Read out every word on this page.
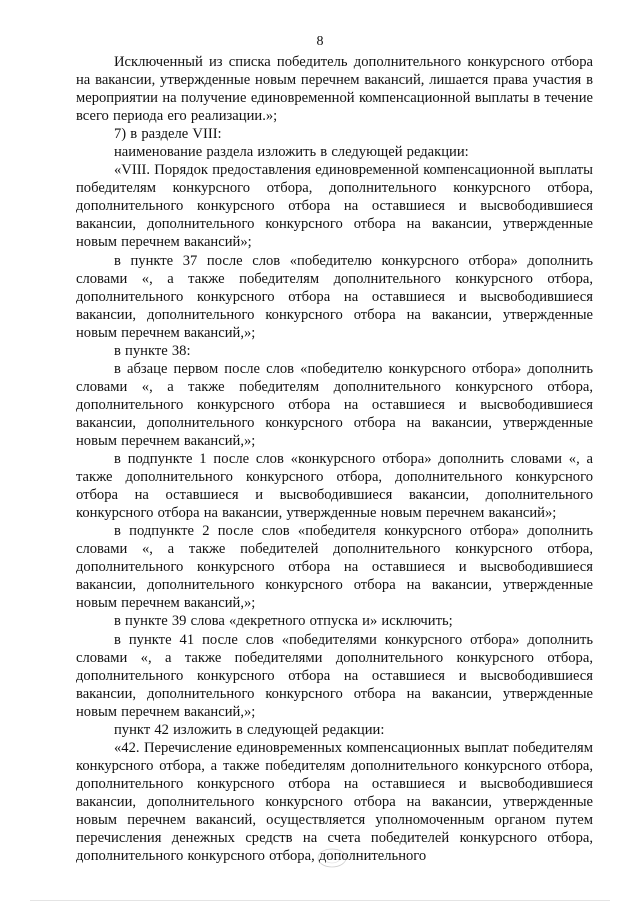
8

Исключенный из списка победитель дополнительного конкурсного отбора на вакансии, утвержденные новым перечнем вакансий, лишается права участия в мероприятии на получение единовременной компенсационной выплаты в течение всего периода его реализации.»;

7) в разделе VIII:

наименование раздела изложить в следующей редакции:

«VIII. Порядок предоставления единовременной компенсационной выплаты победителям конкурсного отбора, дополнительного конкурсного отбора, дополнительного конкурсного отбора на оставшиеся и высвободившиеся вакансии, дополнительного конкурсного отбора на вакансии, утвержденные новым перечнем вакансий»;

в пункте 37 после слов «победителю конкурсного отбора» дополнить словами «, а также победителям дополнительного конкурсного отбора, дополнительного конкурсного отбора на оставшиеся и высвободившиеся вакансии, дополнительного конкурсного отбора на вакансии, утвержденные новым перечнем вакансий,»;

в пункте 38:

в абзаце первом после слов «победителю конкурсного отбора» дополнить словами «, а также победителям дополнительного конкурсного отбора, дополнительного конкурсного отбора на оставшиеся и высвободившиеся вакансии, дополнительного конкурсного отбора на вакансии, утвержденные новым перечнем вакансий,»;

в подпункте 1 после слов «конкурсного отбора» дополнить словами «, а также дополнительного конкурсного отбора, дополнительного конкурсного отбора на оставшиеся и высвободившиеся вакансии, дополнительного конкурсного отбора на вакансии, утвержденные новым перечнем вакансий»;

в подпункте 2 после слов «победителя конкурсного отбора» дополнить словами «, а также победителей дополнительного конкурсного отбора, дополнительного конкурсного отбора на оставшиеся и высвободившиеся вакансии, дополнительного конкурсного отбора на вакансии, утвержденные новым перечнем вакансий,»;

в пункте 39 слова «декретного отпуска и» исключить;

в пункте 41 после слов «победителями конкурсного отбора» дополнить словами «, а также победителями дополнительного конкурсного отбора, дополнительного конкурсного отбора на оставшиеся и высвободившиеся вакансии, дополнительного конкурсного отбора на вакансии, утвержденные новым перечнем вакансий,»;

пункт 42 изложить в следующей редакции:

«42. Перечисление единовременных компенсационных выплат победителям конкурсного отбора, а также победителям дополнительного конкурсного отбора, дополнительного конкурсного отбора на оставшиеся и высвободившиеся вакансии, дополнительного конкурсного отбора на вакансии, утвержденные новым перечнем вакансий, осуществляется уполномоченным органом путем перечисления денежных средств на счета победителей конкурсного отбора, дополнительного конкурсного отбора, дополнительного
